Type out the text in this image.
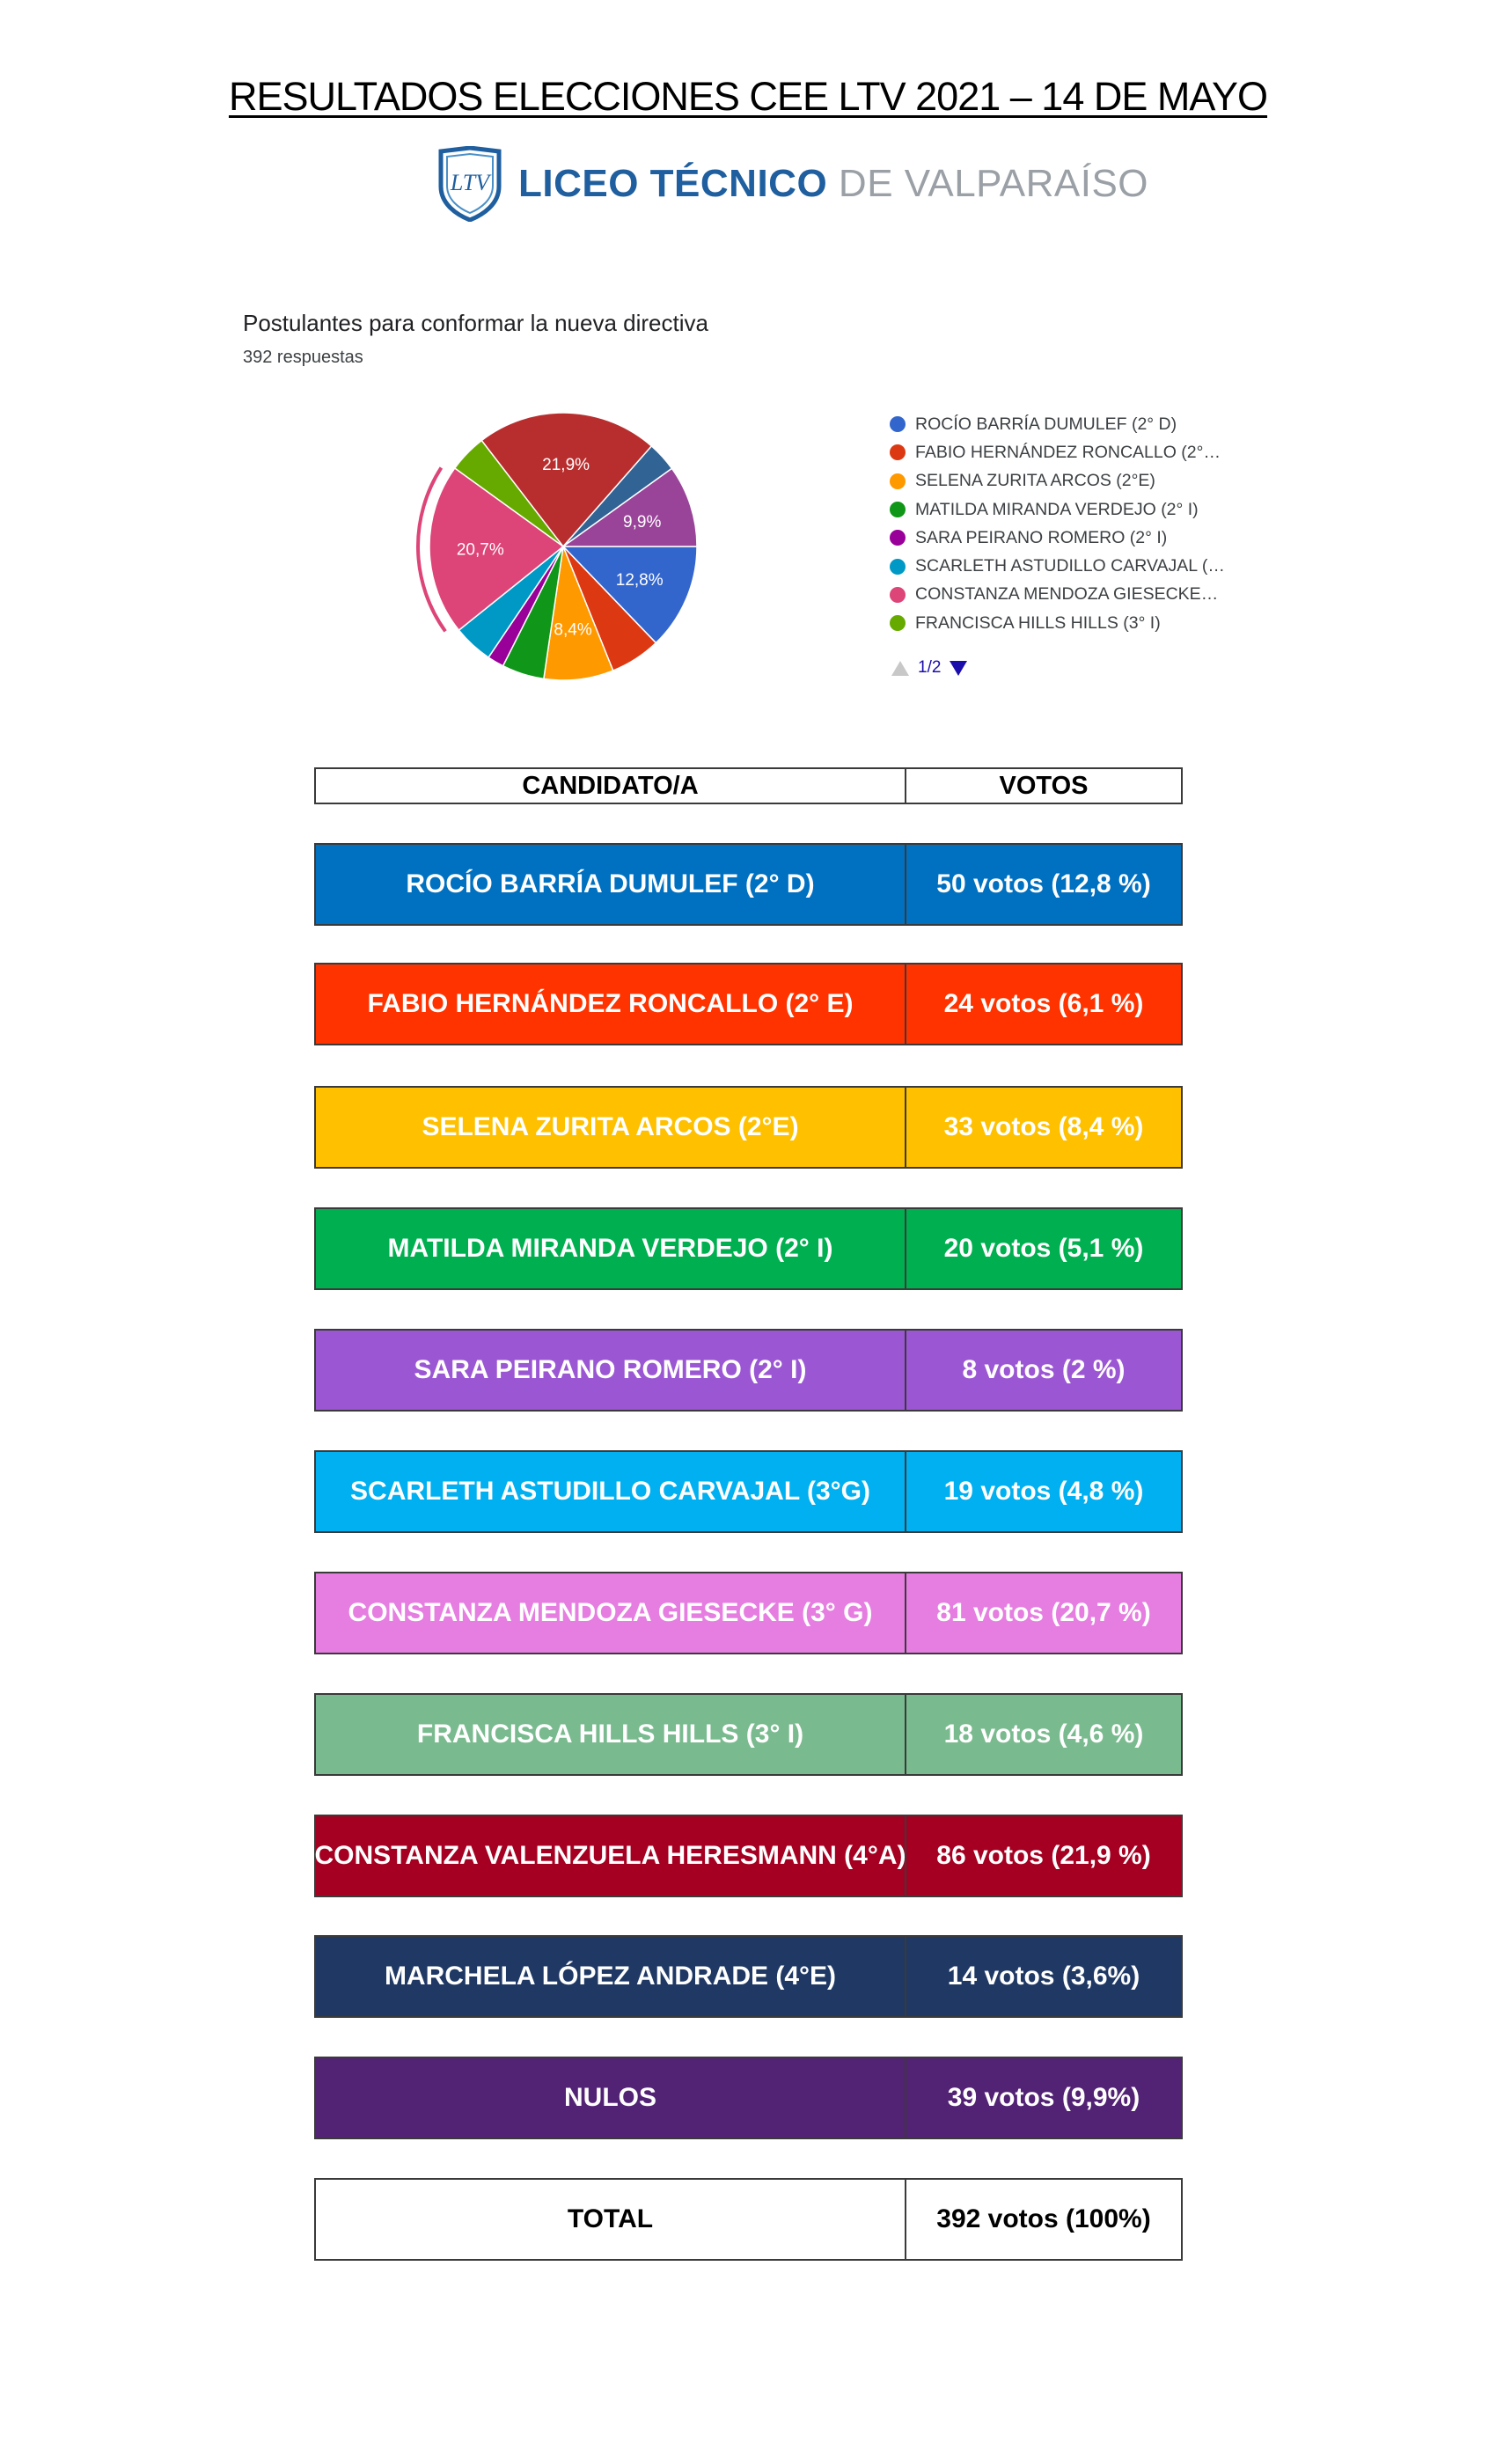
RESULTADOS ELECCIONES CEE LTV 2021 – 14 DE MAYO
LTV LICEO TÉCNICO DE VALPARAÍSO
Postulantes para conformar la nueva directiva
392 respuestas
12,8%
8,4%
20,7%
21,9%
9,9%
ROCÍO BARRÍA DUMULEF (2° D)
FABIO HERNÁNDEZ RONCALLO (2°…
SELENA ZURITA ARCOS (2°E)
MATILDA MIRANDA VERDEJO (2° I)
SARA PEIRANO ROMERO (2° I)
SCARLETH ASTUDILLO CARVAJAL (…
CONSTANZA MENDOZA GIESECKE…
FRANCISCA HILLS HILLS (3° I)
1/2
CANDIDATO/A	VOTOS
ROCÍO BARRÍA DUMULEF (2° D)	50 votos (12,8 %)
FABIO HERNÁNDEZ RONCALLO (2° E)	24 votos (6,1 %)
SELENA ZURITA ARCOS (2°E)	33 votos (8,4 %)
MATILDA MIRANDA VERDEJO (2° I)	20 votos (5,1 %)
SARA PEIRANO ROMERO (2° I)	8 votos (2 %)
SCARLETH ASTUDILLO CARVAJAL (3°G)	19 votos (4,8 %)
CONSTANZA MENDOZA GIESECKE (3° G)	81 votos (20,7 %)
FRANCISCA HILLS HILLS (3° I)	18 votos (4,6 %)
CONSTANZA VALENZUELA HERESMANN (4°A)	86 votos (21,9 %)
MARCHELA LÓPEZ ANDRADE (4°E)	14 votos (3,6%)
NULOS	39 votos (9,9%)
TOTAL	392 votos (100%)
